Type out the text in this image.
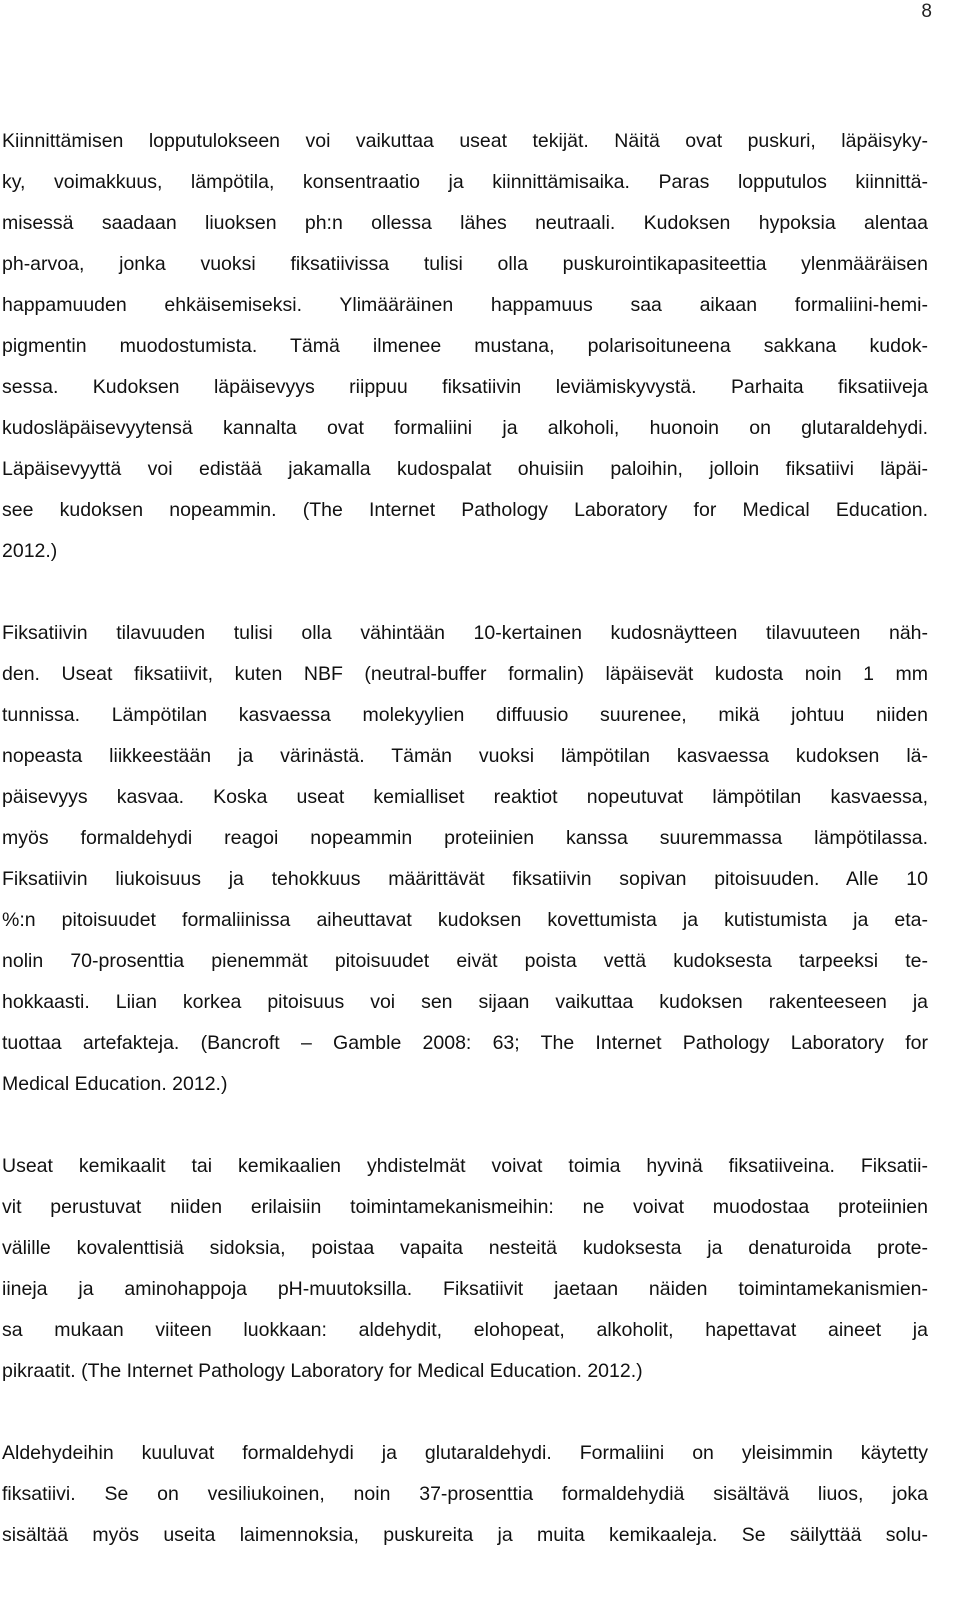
8
Kiinnittämisen lopputulokseen voi vaikuttaa useat tekijät. Näitä ovat puskuri, läpäisyky-
ky, voimakkuus, lämpötila, konsentraatio ja kiinnittämisaika. Paras lopputulos kiinnittä-
misessä saadaan liuoksen ph:n ollessa lähes neutraali. Kudoksen hypoksia alentaa
ph-arvoa, jonka vuoksi fiksatiivissa tulisi olla puskurointikapasiteettia ylenmääräisen
happamuuden ehkäisemiseksi. Ylimääräinen happamuus saa aikaan formaliini-hemi-
pigmentin muodostumista. Tämä ilmenee mustana, polarisoituneena sakkana kudok-
sessa. Kudoksen läpäisevyys riippuu fiksatiivin leviämiskyvystä. Parhaita fiksatiiveja
kudosläpäisevyytensä kannalta ovat formaliini ja alkoholi, huonoin on glutaraldehydi.
Läpäisevyyttä voi edistää jakamalla kudospalat ohuisiin paloihin, jolloin fiksatiivi läpäi-
see kudoksen nopeammin. (The Internet Pathology Laboratory for Medical Education.
2012.)
Fiksatiivin tilavuuden tulisi olla vähintään 10-kertainen kudosnäytteen tilavuuteen näh-
den. Useat fiksatiivit, kuten NBF (neutral-buffer formalin) läpäisevät kudosta noin 1 mm
tunnissa. Lämpötilan kasvaessa molekyylien diffuusio suurenee, mikä johtuu niiden
nopeasta liikkeestään ja värinästä. Tämän vuoksi lämpötilan kasvaessa kudoksen lä-
päisevyys kasvaa. Koska useat kemialliset reaktiot nopeutuvat lämpötilan kasvaessa,
myös formaldehydi reagoi nopeammin proteiinien kanssa suuremmassa lämpötilassa.
Fiksatiivin liukoisuus ja tehokkuus määrittävät fiksatiivin sopivan pitoisuuden. Alle 10
%:n pitoisuudet formaliinissa aiheuttavat kudoksen kovettumista ja kutistumista ja eta-
nolin 70-prosenttia pienemmät pitoisuudet eivät poista vettä kudoksesta tarpeeksi te-
hokkaasti. Liian korkea pitoisuus voi sen sijaan vaikuttaa kudoksen rakenteeseen ja
tuottaa artefakteja. (Bancroft – Gamble 2008: 63; The Internet Pathology Laboratory for
Medical Education. 2012.)
Useat kemikaalit tai kemikaalien yhdistelmät voivat toimia hyvinä fiksatiiveina. Fiksatii-
vit perustuvat niiden erilaisiin toimintamekanismeihin: ne voivat muodostaa proteiinien
välille kovalenttisiä sidoksia, poistaa vapaita nesteitä kudoksesta ja denaturoida prote-
iineja ja aminohappoja pH-muutoksilla. Fiksatiivit jaetaan näiden toimintamekanismien-
sa mukaan viiteen luokkaan: aldehydit, elohopeat, alkoholit, hapettavat aineet ja
pikraatit. (The Internet Pathology Laboratory for Medical Education. 2012.)
Aldehydeihin kuuluvat formaldehydi ja glutaraldehydi. Formaliini on yleisimmin käytetty
fiksatiivi. Se on vesiliukoinen, noin 37-prosenttia formaldehydiä sisältävä liuos, joka
sisältää myös useita laimennoksia, puskureita ja muita kemikaaleja. Se säilyttää solu-
